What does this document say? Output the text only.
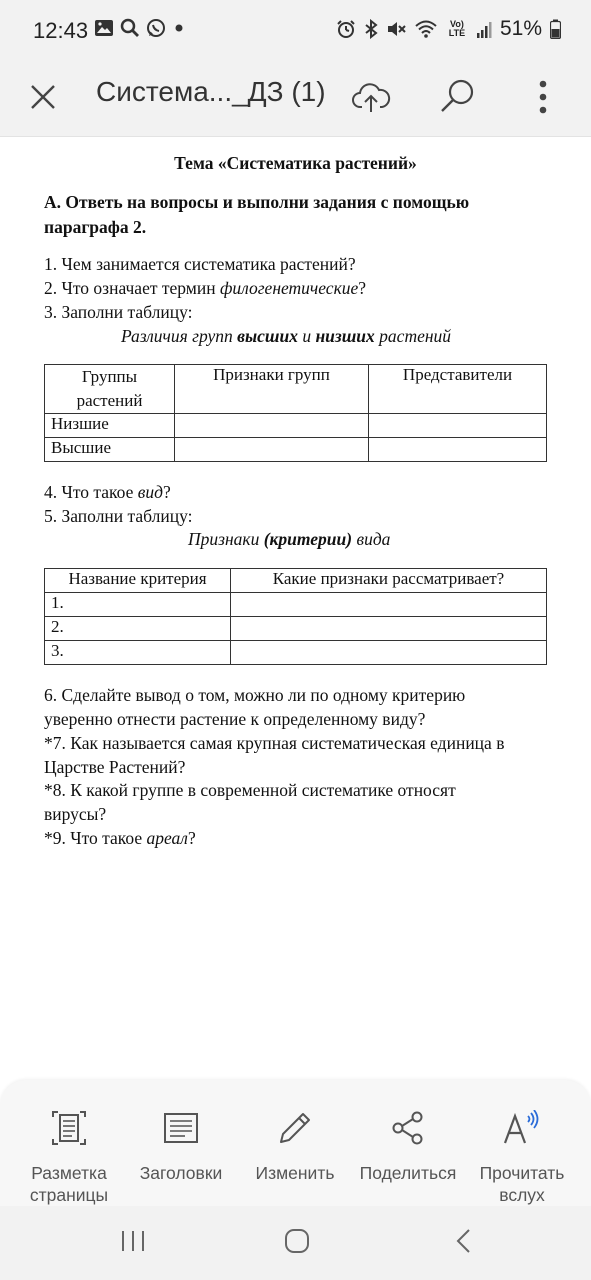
12:43	Vo) LTE 51%
Система..._ДЗ (1)
Тема «Систематика растений»
А. Ответь на вопросы и выполни задания с помощью
параграфа 2.
1. Чем занимается систематика растений?
2. Что означает термин филогенетические?
3. Заполни таблицу:
Различия групп высших и низших растений
Группы растений	Признаки групп	Представители
Низшие		
Высшие		
4. Что такое вид?
5. Заполни таблицу:
Признаки (критерии) вида
Название критерия	Какие признаки рассматривает?
1.	
2.	
3.	
6. Сделайте вывод о том, можно ли по одному критерию
уверенно отнести растение к определенному виду?
*7. Как называется самая крупная систематическая единица в
Царстве Растений?
*8. К какой группе в современной систематике относят
вирусы?
*9. Что такое ареал?
Разметка страницы
Заголовки	Изменить	Поделиться	Прочитать вслух
